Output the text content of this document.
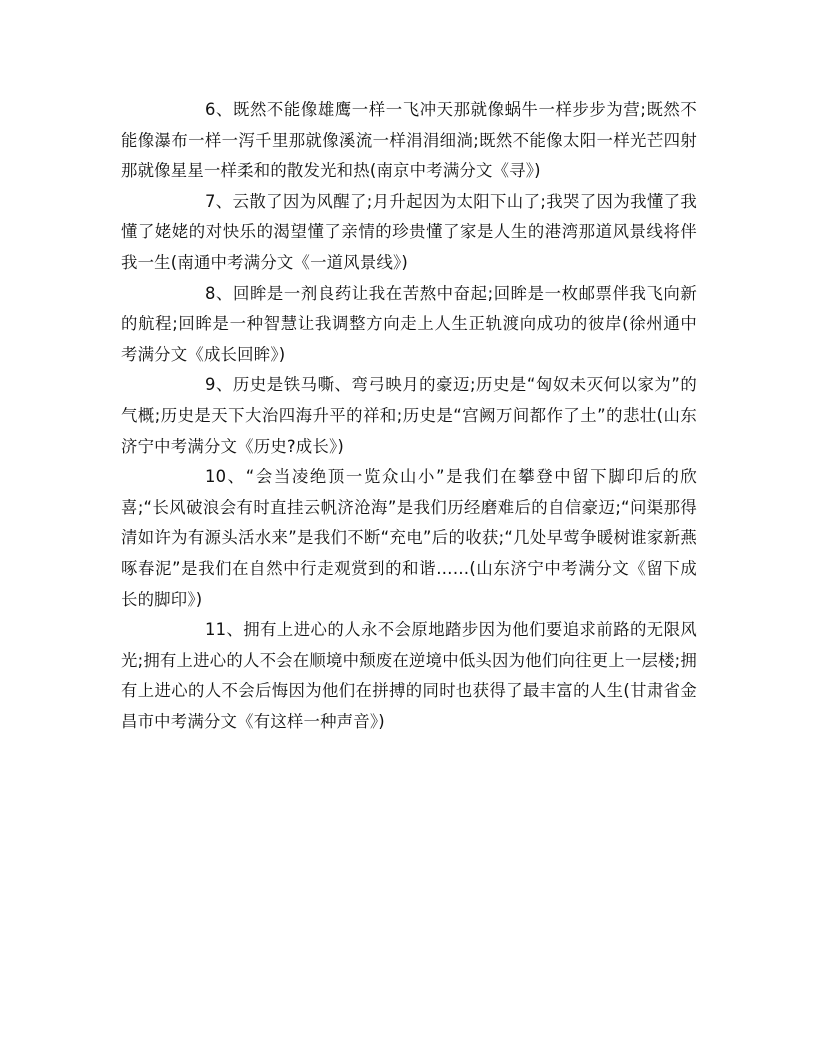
6、既然不能像雄鹰一样一飞冲天那就像蜗牛一样步步为营;既然不能像瀑布一样一泻千里那就像溪流一样涓涓细淌;既然不能像太阳一样光芒四射那就像星星一样柔和的散发光和热(南京中考满分文《寻》)

7、云散了因为风醒了;月升起因为太阳下山了;我哭了因为我懂了我懂了姥姥的对快乐的渴望懂了亲情的珍贵懂了家是人生的港湾那道风景线将伴我一生(南通中考满分文《一道风景线》)

8、回眸是一剂良药让我在苦熬中奋起;回眸是一枚邮票伴我飞向新的航程;回眸是一种智慧让我调整方向走上人生正轨渡向成功的彼岸(徐州通中考满分文《成长回眸》)

9、历史是铁马嘶、弯弓映月的豪迈;历史是“匈奴未灭何以家为”的气概;历史是天下大治四海升平的祥和;历史是“宫阙万间都作了土”的悲壮(山东济宁中考满分文《历史?成长》)

10、“会当凌绝顶一览众山小”是我们在攀登中留下脚印后的欣喜;“长风破浪会有时直挂云帆济沧海”是我们历经磨难后的自信豪迈;“问渠那得清如许为有源头活水来”是我们不断“充电”后的收获;“几处早莺争暖树谁家新燕啄春泥”是我们在自然中行走观赏到的和谐……(山东济宁中考满分文《留下成长的脚印》)

11、拥有上进心的人永不会原地踏步因为他们要追求前路的无限风光;拥有上进心的人不会在顺境中颓废在逆境中低头因为他们向往更上一层楼;拥有上进心的人不会后悔因为他们在拼搏的同时也获得了最丰富的人生(甘肃省金昌市中考满分文《有这样一种声音》)
